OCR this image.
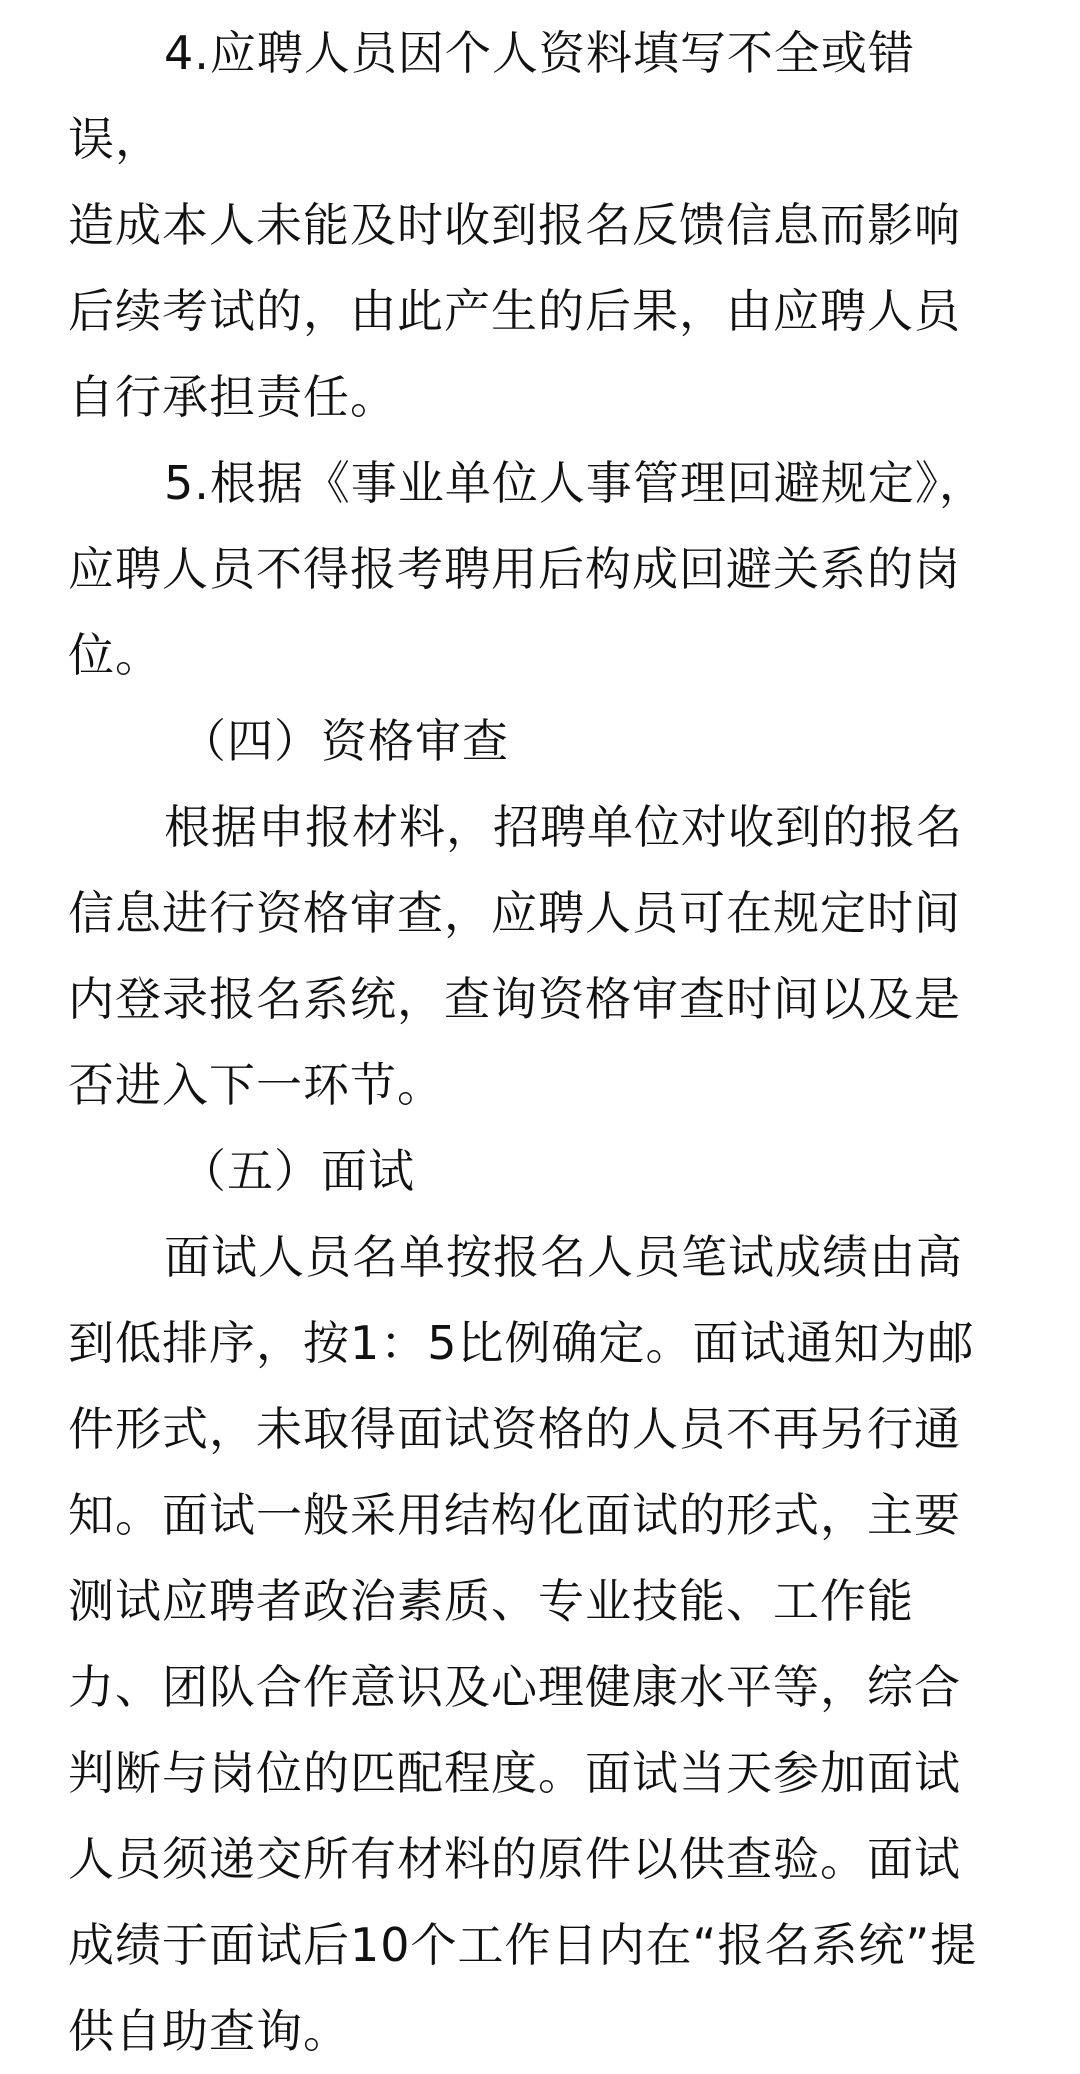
4.应聘人员因个人资料填写不全或错误，
造成本人未能及时收到报名反馈信息而影响
后续考试的，由此产生的后果，由应聘人员
自行承担责任。

5.根据《事业单位人事管理回避规定》，
应聘人员不得报考聘用后构成回避关系的岗
位。

（四）资格审查

根据申报材料，招聘单位对收到的报名
信息进行资格审查，应聘人员可在规定时间
内登录报名系统，查询资格审查时间以及是
否进入下一环节。

（五）面试

面试人员名单按报名人员笔试成绩由高
到低排序，按1：5比例确定。面试通知为邮
件形式，未取得面试资格的人员不再另行通
知。面试一般采用结构化面试的形式，主要
测试应聘者政治素质、专业技能、工作能
力、团队合作意识及心理健康水平等，综合
判断与岗位的匹配程度。面试当天参加面试
人员须递交所有材料的原件以供查验。面试
成绩于面试后10个工作日内在“报名系统”提
供自助查询。
